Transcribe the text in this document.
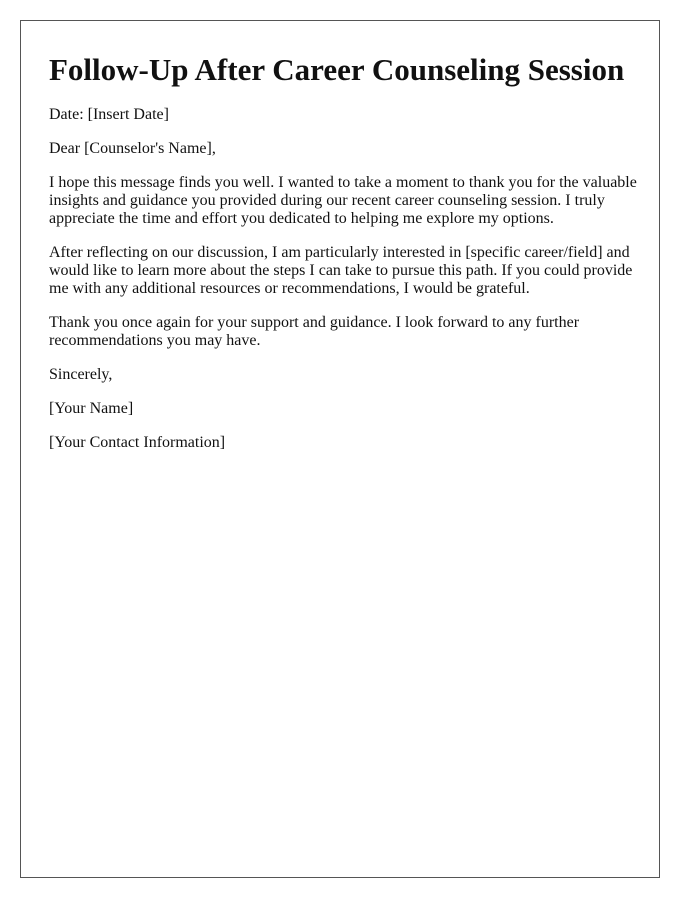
Follow-Up After Career Counseling Session

Date: [Insert Date]

Dear [Counselor's Name],

I hope this message finds you well. I wanted to take a moment to thank you for the valuable insights and guidance you provided during our recent career counseling session. I truly appreciate the time and effort you dedicated to helping me explore my options.

After reflecting on our discussion, I am particularly interested in [specific career/field] and would like to learn more about the steps I can take to pursue this path. If you could provide me with any additional resources or recommendations, I would be grateful.

Thank you once again for your support and guidance. I look forward to any further recommendations you may have.

Sincerely,

[Your Name]

[Your Contact Information]
